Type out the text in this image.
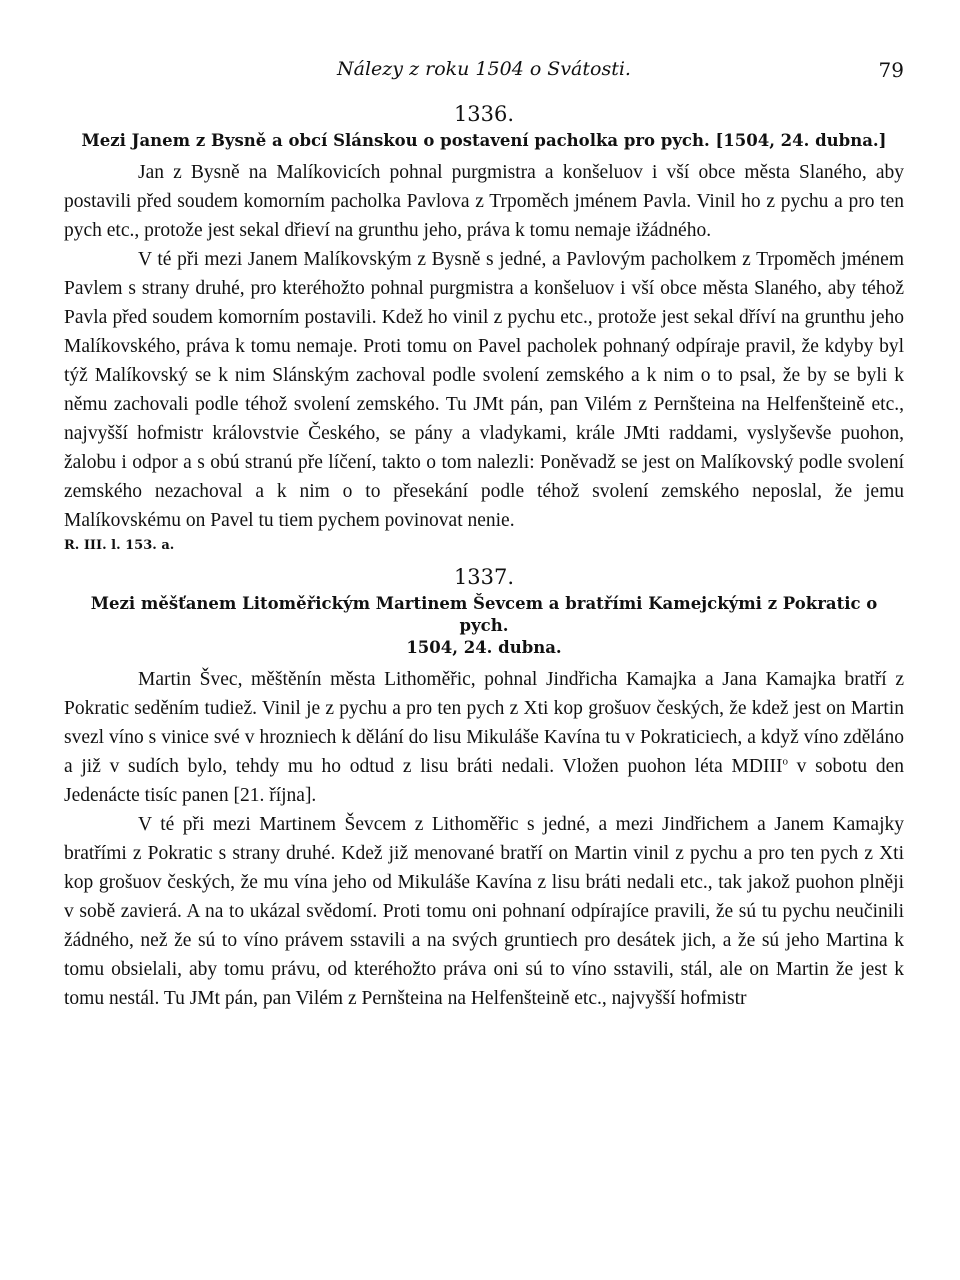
Nálezy z roku 1504 o Svátosti.	79
1336.
Mezi Janem z Bysně a obcí Slánskou o postavení pacholka pro pych. [1504, 24. dubna.]

Jan z Bysně na Malíkovicích pohnal purgmistra a konšeluov i vší obce města Slaného, aby postavili před soudem komorním pacholka Pavlova z Trpoměch jménem Pavla. Vinil ho z pychu a pro ten pych etc., protože jest sekal dřieví na grunthu jeho, práva k tomu nemaje ižádného.

V té při mezi Janem Malíkovským z Bysně s jedné, a Pavlovým pacholkem z Trpoměch jménem Pavlem s strany druhé, pro kteréhožto pohnal purgmistra a konšeluov i vší obce města Slaného, aby téhož Pavla před soudem komorním postavili. Kdež ho vinil z pychu etc., protože jest sekal dříví na grunthu jeho Malíkovského, práva k tomu nemaje. Proti tomu on Pavel pacholek pohnaný odpíraje pravil, že kdyby byl týž Malíkovský se k nim Slánským zachoval podle svolení zemského a k nim o to psal, že by se byli k němu zachovali podle téhož svolení zemského. Tu JMt pán, pan Vilém z Pernšteina na Helfenšteině etc., najvyšší hofmistr královstvie Českého, se pány a vladykami, krále JMti raddami, vyslyševše puohon, žalobu i odpor a s obú stranú pře líčení, takto o tom nalezli: Poněvadž se jest on Malíkovský podle svolení zemského nezachoval a k nim o to přesekání podle téhož svolení zemského neposlal, že jemu Malíkovskému on Pavel tu tiem pychem povinovat nenie.

R. III. l. 153. a.
1337.
Mezi měšťanem Litoměřickým Martinem Ševcem a bratřími Kamejckými z Pokratic o pych.
1504, 24. dubna.

Martin Švec, měštěnín města Lithoměřic, pohnal Jindřicha Kamajka a Jana Kamajka bratří z Pokratic seděním tudiež. Vinil je z pychu a pro ten pych z Xti kop grošuov českých, že kdež jest on Martin svezl víno s vinice své v hrozniech k dělání do lisu Mikuláše Kavína tu v Pokraticiech, a když víno zděláno a již v sudích bylo, tehdy mu ho odtud z lisu bráti nedali. Vložen puohon léta MDIII$^o$ v sobotu den Jedenácte tisíc panen [21. října].

V té při mezi Martinem Ševcem z Lithoměřic s jedné, a mezi Jindřichem a Janem Kamajky bratřími z Pokratic s strany druhé. Kdež již menované bratří on Martin vinil z pychu a pro ten pych z Xti kop grošuov českých, že mu vína jeho od Mikuláše Kavína z lisu bráti nedali etc., tak jakož puohon plněji v sobě zavierá. A na to ukázal svědomí. Proti tomu oni pohnaní odpírajíce pravili, že sú tu pychu neučinili žádného, než že sú to víno právem sstavili a na svých gruntiech pro desátek jich, a že sú jeho Martina k tomu obsielali, aby tomu právu, od kteréhožto práva oni sú to víno sstavili, stál, ale on Martin že jest k tomu nestál. Tu JMt pán, pan Vilém z Pernšteina na Helfenšteině etc., najvyšší hofmistr
